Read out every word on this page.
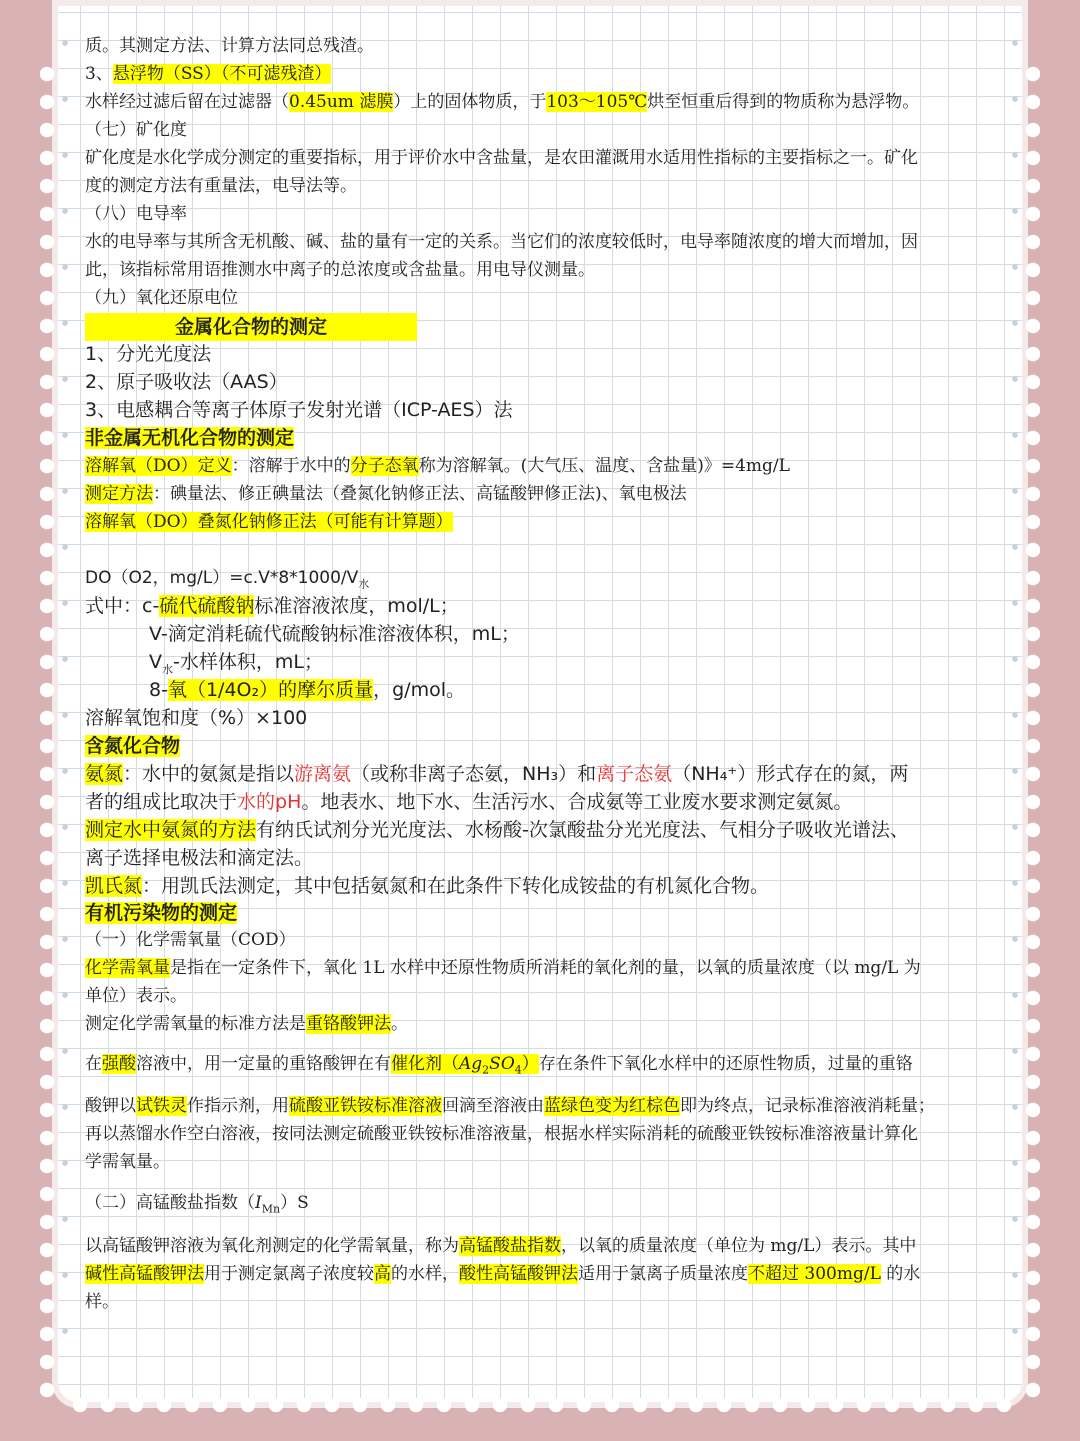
质。其测定方法、计算方法同总残渣。
3、悬浮物（SS）（不可滤残渣）
水样经过滤后留在过滤器（0.45um 滤膜）上的固体物质，于103～105℃烘至恒重后得到的物质称为悬浮物。
（七）矿化度
矿化度是水化学成分测定的重要指标，用于评价水中含盐量，是农田灌溉用水适用性指标的主要指标之一。矿化
度的测定方法有重量法，电导法等。
（八）电导率
水的电导率与其所含无机酸、碱、盐的量有一定的关系。当它们的浓度较低时，电导率随浓度的增大而增加，因
此，该指标常用语推测水中离子的总浓度或含盐量。用电导仪测量。
（九）氧化还原电位
金属化合物的测定
1、分光光度法
2、原子吸收法（AAS）
3、电感耦合等离子体原子发射光谱（ICP-AES）法
非金属无机化合物的测定
溶解氧（DO）定义：溶解于水中的分子态氧称为溶解氧。(大气压、温度、含盐量)》=4mg/L
测定方法：碘量法、修正碘量法（叠氮化钠修正法、高锰酸钾修正法)、氧电极法
溶解氧（DO）叠氮化钠修正法（可能有计算题）
DO（O2，$mg/L)=c.V*8*1000/V_水$
式中：c-硫代硫酸钠标准溶液浓度，mol/L；
V-滴定消耗硫代硫酸钠标准溶液体积，mL；
$V_水-$水样体积，mL；
8-氧（1/4O₂）的摩尔质量，g/mol。
溶解氧饱和度（%）×100
含氮化合物
氨氮：水中的氨氮是指以游离氨（或称非离子态氨，NH₃）和离子态氨（NH₄⁺）形式存在的氮，两
者的组成比取决于水的pH。地表水、地下水、生活污水、合成氨等工业废水要求测定氨氮。
测定水中氨氮的方法有纳氏试剂分光光度法、水杨酸-次氯酸盐分光光度法、气相分子吸收光谱法、
离子选择电极法和滴定法。
凯氏氮：用凯氏法测定，其中包括氨氮和在此条件下转化成铵盐的有机氮化合物。
有机污染物的测定
（一）化学需氧量（COD）
化学需氧量是指在一定条件下，氧化 1L 水样中还原性物质所消耗的氧化剂的量，以氧的质量浓度（以 mg/L 为
单位）表示。
测定化学需氧量的标准方法是重铬酸钾法。
在强酸溶液中，用一定量的重铬酸钾在有催化剂$(Ag_2SO_4)$存在条件下氧化水样中的还原性物质，过量的重铬
酸钾以试铁灵作指示剂，用硫酸亚铁铵标准溶液回滴至溶液由蓝绿色变为红棕色即为终点，记录标准溶液消耗量；
再以蒸馏水作空白溶液，按同法测定硫酸亚铁铵标准溶液量，根据水样实际消耗的硫酸亚铁铵标准溶液量计算化
学需氧量。
（二）高锰酸盐指数$(I_{Mn})S$
以高锰酸钾溶液为氧化剂测定的化学需氧量，称为高锰酸盐指数，以氧的质量浓度（单位为 mg/L）表示。其中
碱性高锰酸钾法用于测定氯离子浓度较高的水样，酸性高锰酸钾法适用于氯离子质量浓度不超过 300mg/L 的水
样。
